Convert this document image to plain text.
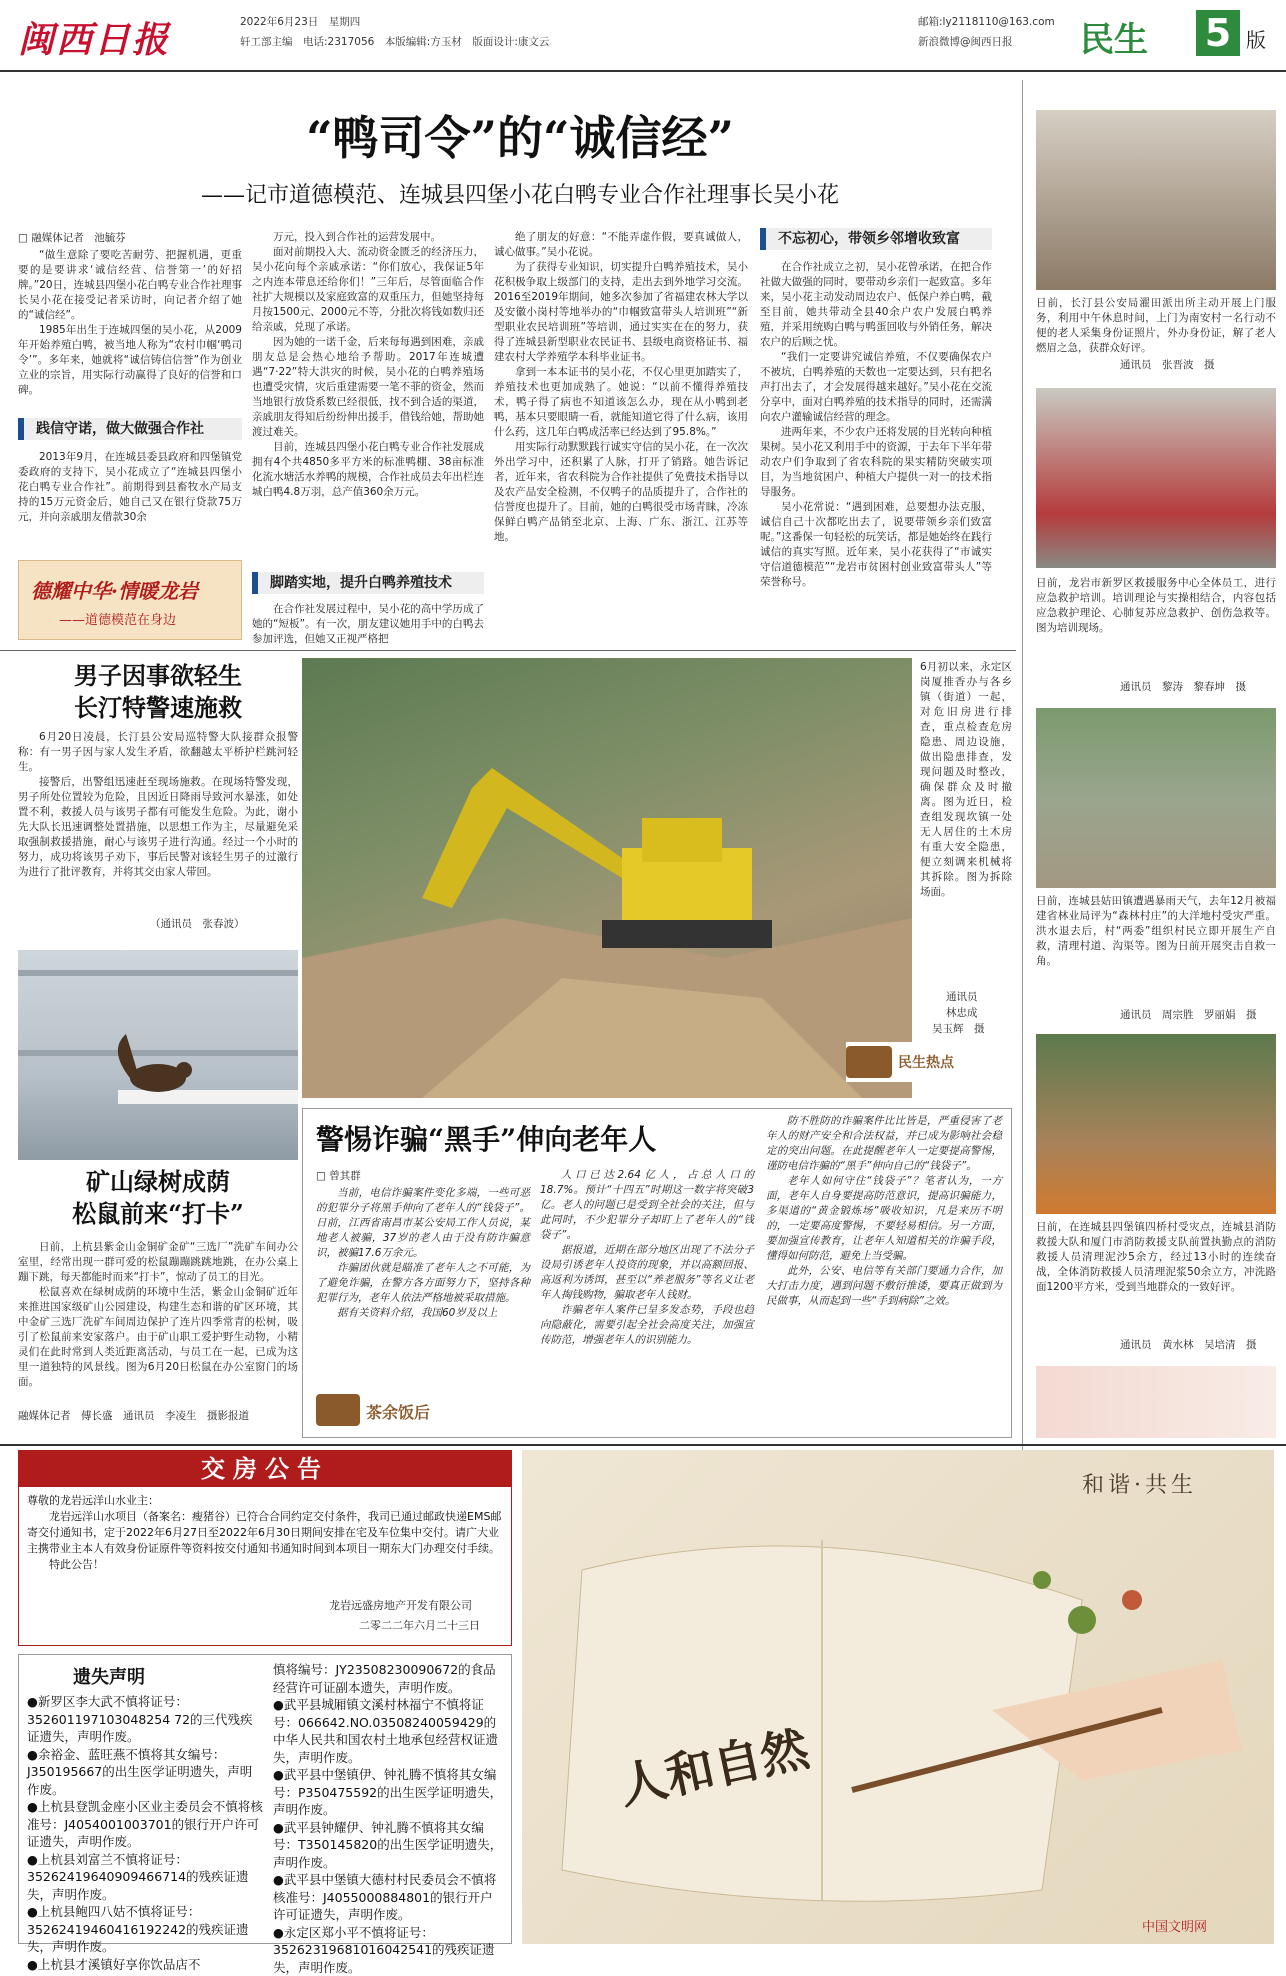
闽西日报	2022年6月23日　星期四
轩工部主编　电话:2317056　本版编辑:方玉材　版面设计:康文云
邮箱:ly2118110@163.com
新浪微博@闽西日报 民生 5 版
“鸭司令”的“诚信经”
——记市道德模范、连城县四堡小花白鸭专业合作社理事长吴小花
□ 融媒体记者　池毓芬

“做生意除了要吃苦耐劳、把握机遇，更重要的是要讲求‘诚信经营、信誉第一’的好招牌。”20日，连城县四堡小花白鸭专业合作社理事长吴小花在接受记者采访时，向记者介绍了她的“诚信经”。

1985年出生于连城四堡的吴小花，从2009年开始养殖白鸭，被当地人称为“农村巾帼‘鸭司令’”。多年来，她就将“诚信铸信信誉”作为创业立业的宗旨，用实际行动赢得了良好的信誉和口碑。

践信守诺，做大做强合作社

2013年9月，在连城县委县政府和四堡镇党委政府的支持下，吴小花成立了“连城县四堡小花白鸭专业合作社”。前期得到县畜牧水产局支持的15万元资金后，她自己又在银行贷款75万元，并向亲戚朋友借款30余

德耀中华·情暖龙岩
——道德模范在身边

万元，投入到合作社的运营发展中。

面对前期投入大、流动资金匮乏的经济压力，吴小花向每个亲戚承诺：“你们放心，我保证5年之内连本带息还给你们！”三年后，尽管面临合作社扩大规模以及家庭致富的双重压力，但她坚持每月按1500元、2000元不等，分批次将钱如数归还给亲戚，兑现了承诺。

因为她的一诺千金，后来每每遇到困难，亲戚朋友总是会热心地给予帮助。2017年连城遭遇“7·22”特大洪灾的时候，吴小花的白鸭养殖场也遭受灾情，灾后重建需要一笔不菲的资金，然而当地银行放贷系数已经很低，找不到合适的渠道，亲戚朋友得知后纷纷伸出援手，借钱给她，帮助她渡过难关。

目前，连城县四堡小花白鸭专业合作社发展成拥有4个共4850多平方米的标准鸭棚、38亩标准化流水塘活水养鸭的规模，合作社成员去年出栏连城白鸭4.8万羽，总产值360余万元。

脚踏实地，提升白鸭养殖技术

在合作社发展过程中，吴小花的高中学历成了她的“短板”。有一次，朋友建议她用手中的白鸭去参加评选，但她又正视严格把

绝了朋友的好意：“不能弄虚作假，要真诚做人，诚心做事。”吴小花说。

为了获得专业知识，切实提升白鸭养殖技术，吴小花积极争取上级部门的支持，走出去到外地学习交流。2016至2019年期间，她多次参加了省福建农林大学以及安徽小岗村等地举办的“巾帼致富带头人培训班”“新型职业农民培训班”等培训，通过实实在在的努力，获得了连城县新型职业农民证书、县级电商资格证书、福建农村大学养殖学本科毕业证书。

拿到一本本证书的吴小花，不仅心里更加踏实了，养殖技术也更加成熟了。她说：“以前不懂得养殖技术，鸭子得了病也不知道该怎么办，现在从小鸭到老鸭，基本只要眼睛一看，就能知道它得了什么病，该用什么药，这几年白鸭成活率已经达到了95.8%。”

用实际行动默默践行诚实守信的吴小花，在一次次外出学习中，还积累了人脉，打开了销路。她告诉记者，近年来，省农科院为合作社提供了免费技术指导以及农产品安全检测，不仅鸭子的品质提升了，合作社的信誉度也提升了。目前，她的白鸭很受市场青睐，冷冻保鲜白鸭产品销至北京、上海、广东、浙江、江苏等地。

不忘初心，带领乡邻增收致富

在合作社成立之初，吴小花曾承诺，在把合作社做大做强的同时，要带动乡亲们一起致富。多年来，吴小花主动发动周边农户、低保户养白鸭，截至目前，她共带动全县40余户农户发展白鸭养殖，并采用统购白鸭与鸭蛋回收与外销任务，解决农户的后顾之忧。

“我们一定要讲究诚信养殖，不仅要确保农户不被坑，白鸭养殖的天数也一定要达到，只有把名声打出去了，才会发展得越来越好。”吴小花在交流分享中，面对白鸭养殖的技术指导的同时，还需满向农户灌输诚信经营的理念。

进两年来，不少农户还将发展的目光转向种植果树。吴小花又利用手中的资源，于去年下半年带动农户们争取到了省农科院的果实精防突破实项目，为当地贫困户、种植大户提供一对一的技术指导服务。

吴小花常说：“遇到困难，总要想办法克服，诚信自己十次都吃出去了，说要带领乡亲们致富呢。”这番保一句轻松的玩笑话，都是她始终在践行诚信的真实写照。近年来，吴小花获得了“市诚实守信道德模范”“龙岩市贫困村创业致富带头人”等荣誉称号。

男子因事欲轻生
长汀特警速施救

6月20日凌晨，长汀县公安局巡特警大队接群众报警称：有一男子因与家人发生矛盾，欲翻越太平桥护栏跳河轻生。

接警后，出警组迅速赶至现场施救。在现场特警发现，男子所处位置较为危险，且因近日降雨导致河水暴涨，如处置不利，救援人员与该男子都有可能发生危险。为此，谢小先大队长迅速调整处置措施，以思想工作为主，尽量避免采取强制救援措施，耐心与该男子进行沟通。经过一个小时的努力，成功将该男子劝下，事后民警对该轻生男子的过激行为进行了批评教育，并将其交由家人带回。

（通讯员　张春波）
矿山绿树成荫
松鼠前来“打卡”

日前，上杭县紫金山金铜矿金矿“三选厂”洗矿车间办公室里，经常出现一群可爱的松鼠蹦蹦跳跳地跳，在办公桌上蹦下跳，每天都能时而来“打卡”，惊动了员工的目光。

松鼠喜欢在绿树成荫的环境中生活，紫金山金铜矿近年来推进国家级矿山公园建设，构建生态和谐的矿区环境，其中金矿三选厂洗矿车间周边保护了连片四季常青的松树，吸引了松鼠前来安家落户。由于矿山职工爱护野生动物，小精灵们在此时常到人类近距离活动，与员工在一起，已成为这里一道独特的风景线。图为6月20日松鼠在办公室窗门的场面。

融媒体记者　傅长盛　通讯员　李凌生　摄影报道
6月初以来，永定区岗厦推香办与各乡镇（街道）一起，对危旧房进行排查，重点检查危房隐患、周边设施，做出隐患排查，发现问题及时整改，确保群众及时撤离。图为近日，检查组发现坎镇一处无人居住的土木房有重大安全隐患，便立刻调来机械将其拆除。图为拆除场面。
通讯员
林忠成
吴玉辉　摄
民生热点
警惕诈骗“黑手”伸向老年人
□ 曾其群

当前，电信诈骗案件变化多端，一些可恶的犯罪分子将黑手伸向了老年人的“钱袋子”。日前，江西省南昌市某公安局工作人员说，某地老人被骗，37岁的老人由于没有防诈骗意识，被骗17.6万余元。

诈骗团伙就是瞄准了老年人之不可能，为了避免诈骗，在警方各方面努力下，坚持各种犯罪行为，老年人依法严格地被采取措施。

据有关资料介绍，我国60岁及以上

人口已达2.64亿人，占总人口的18.7%。预计“十四五”时期这一数字将突破3亿。老人的问题已是受到全社会的关注，但与此同时，不少犯罪分子却盯上了老年人的“钱袋子”。

据报道，近期在部分地区出现了不法分子设局引诱老年人投资的现象，并以高额回报、高返利为诱饵，甚至以“养老服务”等名义让老年人掏钱购物，骗取老年人钱财。

诈骗老年人案件已呈多发态势，手段也趋向隐蔽化，需要引起全社会高度关注，加强宣传防范，增强老年人的识别能力。

防不胜防的诈骗案件比比皆是，严重侵害了老年人的财产安全和合法权益，并已成为影响社会稳定的突出问题。在此提醒老年人一定要提高警惕，谨防电信诈骗的“黑手”伸向自己的“钱袋子”。

老年人如何守住“钱袋子”？笔者认为，一方面，老年人自身要提高防范意识，提高识骗能力，多渠道的“黄金锻炼场”吸收知识，凡是来历不明的，一定要高度警惕，不要轻易相信。另一方面，要加强宣传教育，让老年人知道相关的诈骗手段，懂得如何防范，避免上当受骗。

此外，公安、电信等有关部门要通力合作，加大打击力度，遇到问题不敷衍推诿，要真正做到为民做事，从而起到一些“手到病除”之效。

茶余饭后
日前，长汀县公安局濯田派出所主动开展上门服务，利用中午休息时间，上门为南安村一名行动不便的老人采集身份证照片，外办身份证，解了老人燃眉之急，获群众好评。
通讯员　张晋波　摄
日前，龙岩市新罗区救援服务中心全体员工，进行应急救护培训。培训理论与实操相结合，内容包括应急救护理论、心肺复苏应急救护、创伤急救等。图为培训现场。
通讯员　黎涛　黎春坤　摄
日前，连城县姑田镇遭遇暴雨天气，去年12月被福建省林业局评为“森林村庄”的大洋地村受灾严重。洪水退去后，村“两委”组织村民立即开展生产自救，清理村道、沟渠等。图为日前开展突击自救一角。
通讯员　周宗胜　罗丽娟　摄
日前，在连城县四堡镇四桥村受灾点，连城县消防救援大队和厦门市消防救援支队前置执勤点的消防救援人员清理泥沙5余方，经过13小时的连续奋战，全体消防救援人员清理泥浆50余立方，冲洗路面1200平方米，受到当地群众的一致好评。
通讯员　黄水林　吴培清　摄
交房公告
尊敬的龙岩远洋山水业主：
　　龙岩远洋山水项目（备案名：瘦猪谷）已符合合同约定交付条件，我司已通过邮政快递EMS邮寄交付通知书，定于2022年6月27日至2022年6月30日期间安排在宅及车位集中交付。请广大业主携带业主本人有效身份证原件等资料按交付通知书通知时间到本项目一期东大门办理交付手续。
　　特此公告！
龙岩远盛房地产开发有限公司
二零二二年六月二十三日
遗失声明

●新罗区李大武不慎将证号：352601197103048254 72的三代残疾证遗失，声明作废。

●余裕金、蓝旺燕不慎将其女编号：J350195667的出生医学证明遗失，声明作废。

●上杭县登凯金座小区业主委员会不慎将核准号：J4054001003701的银行开户许可证遗失，声明作废。

●上杭县刘富兰不慎将证号：35262419640909466714的残疾证遗失，声明作废。

●上杭县鲍四八姑不慎将证号：35262419460416192242的残疾证遗失，声明作废。

●上杭县才溪镇好享你饮品店不

慎将编号：JY23508230090672的食品经营许可证副本遗失，声明作废。

●武平县城厢镇文溪村林福宁不慎将证号：066642.NO.03508240059429的中华人民共和国农村土地承包经营权证遗失，声明作废。

●武平县中堡镇伊、钟礼腾不慎将其女编号：P350475592的出生医学证明遗失，声明作废。

●武平县钟耀伊、钟礼腾不慎将其女编号：T350145820的出生医学证明遗失，声明作废。

●武平县中堡镇大德村村民委员会不慎将核准号：J4055000884801的银行开户许可证遗失，声明作废。

●永定区郑小平不慎将证号：35262319681016042541的残疾证遗失，声明作废。

和谐·共生
人和自然
中国文明网
